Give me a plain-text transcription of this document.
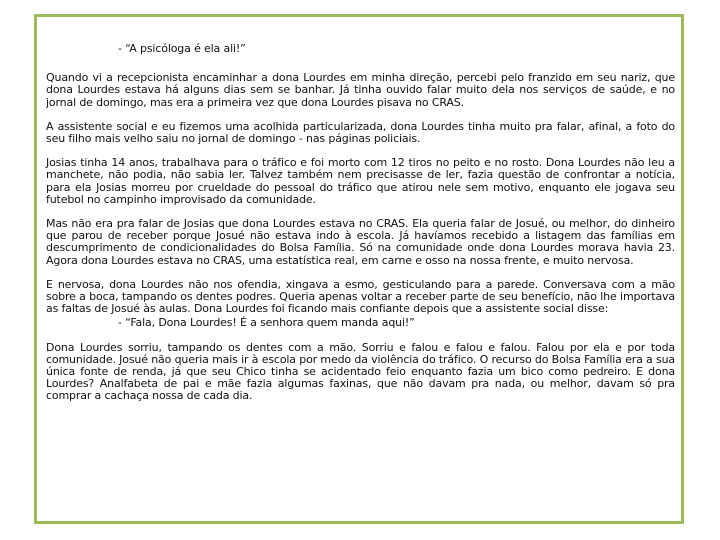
- “A psicóloga é ela ali!”

Quando vi a recepcionista encaminhar a dona Lourdes em minha direção, percebi pelo franzido em seu nariz, que dona Lourdes estava há alguns dias sem se banhar. Já tinha ouvido falar muito dela nos serviços de saúde, e no jornal de domingo, mas era a primeira vez que dona Lourdes pisava no CRAS.

A assistente social e eu fizemos uma acolhida particularizada, dona Lourdes tinha muito pra falar, afinal, a foto do seu filho mais velho saiu no jornal de domingo - nas páginas policiais.

Josias tinha 14 anos, trabalhava para o tráfico e foi morto com 12 tiros no peito e no rosto. Dona Lourdes não leu a manchete, não podia, não sabia ler. Talvez também nem precisasse de ler, fazia questão de confrontar a notícia, para ela Josias morreu por crueldade do pessoal do tráfico que atirou nele sem motivo, enquanto ele jogava seu futebol no campinho improvisado da comunidade.

Mas não era pra falar de Josias que dona Lourdes estava no CRAS. Ela queria falar de Josué, ou melhor, do dinheiro que parou de receber porque Josué não estava indo à escola. Já havíamos recebido a listagem das famílias em descumprimento de condicionalidades do Bolsa Família. Só na comunidade onde dona Lourdes morava havia 23. Agora dona Lourdes estava no CRAS, uma estatística real, em carne e osso na nossa frente, e muito nervosa.

E nervosa, dona Lourdes não nos ofendia, xingava a esmo, gesticulando para a parede. Conversava com a mão sobre a boca, tampando os dentes podres. Queria apenas voltar a receber parte de seu benefício, não lhe importava as faltas de Josué às aulas. Dona Lourdes foi ficando mais confiante depois que a assistente social disse:
- “Fala, Dona Lourdes! É a senhora quem manda aqui!”

Dona Lourdes sorriu, tampando os dentes com a mão. Sorriu e falou e falou e falou. Falou por ela e por toda comunidade. Josué não queria mais ir à escola por medo da violência do tráfico. O recurso do Bolsa Família era a sua única fonte de renda, já que seu Chico tinha se acidentado feio enquanto fazia um bico como pedreiro. E dona Lourdes? Analfabeta de pai e mãe fazia algumas faxinas, que não davam pra nada, ou melhor, davam só pra comprar a cachaça nossa de cada dia.
